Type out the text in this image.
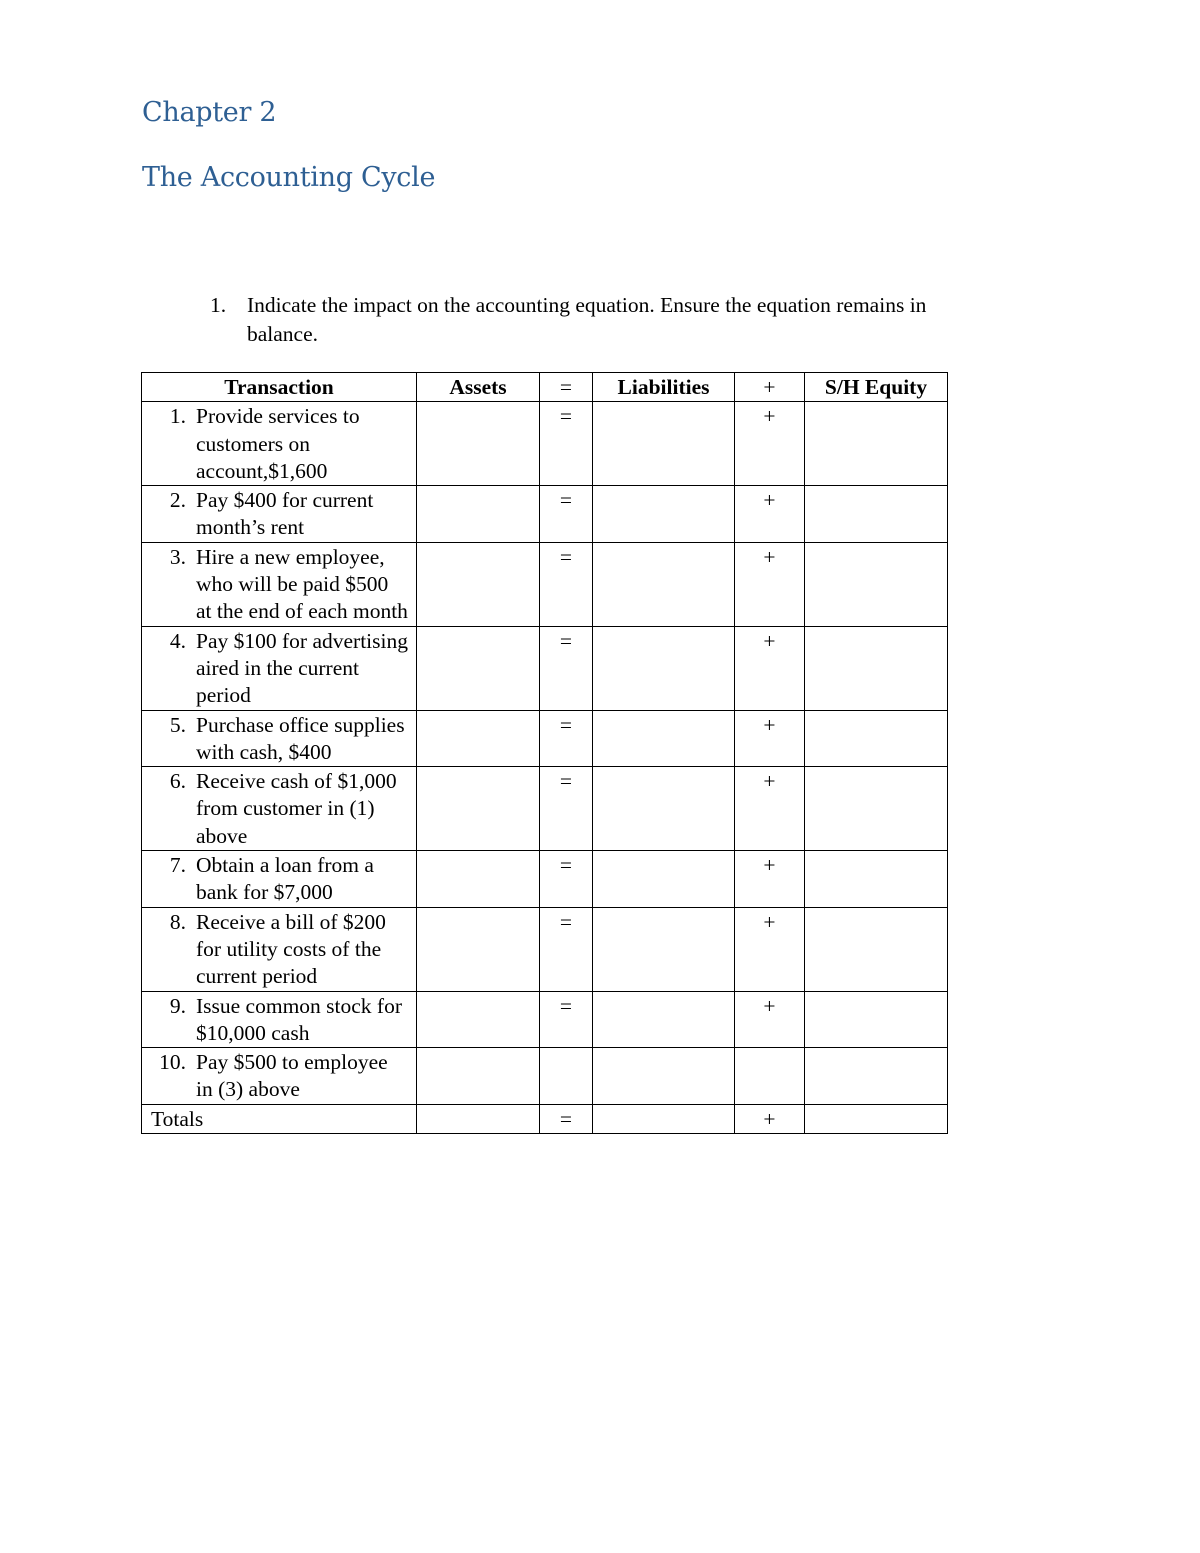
Chapter 2
The Accounting Cycle
1. Indicate the impact on the accounting equation. Ensure the equation remains in balance.
Transaction	Assets	=	Liabilities	+	S/H Equity

1. Provide services to customers on account,$1,600		=		+	

2. Pay $400 for current month’s rent		=		+	

3. Hire a new employee, who will be paid $500 at the end of each month		=		+	

4. Pay $100 for advertising aired in the current period		=		+	

5. Purchase office supplies with cash, $400		=		+	

6. Receive cash of $1,000 from customer in (1) above		=		+	

7. Obtain a loan from a bank for $7,000		=		+	

8. Receive a bill of $200 for utility costs of the current period		=		+	

9. Issue common stock for $10,000 cash		=		+	

10. Pay $500 to employee in (3) above					

Totals		=		+	
